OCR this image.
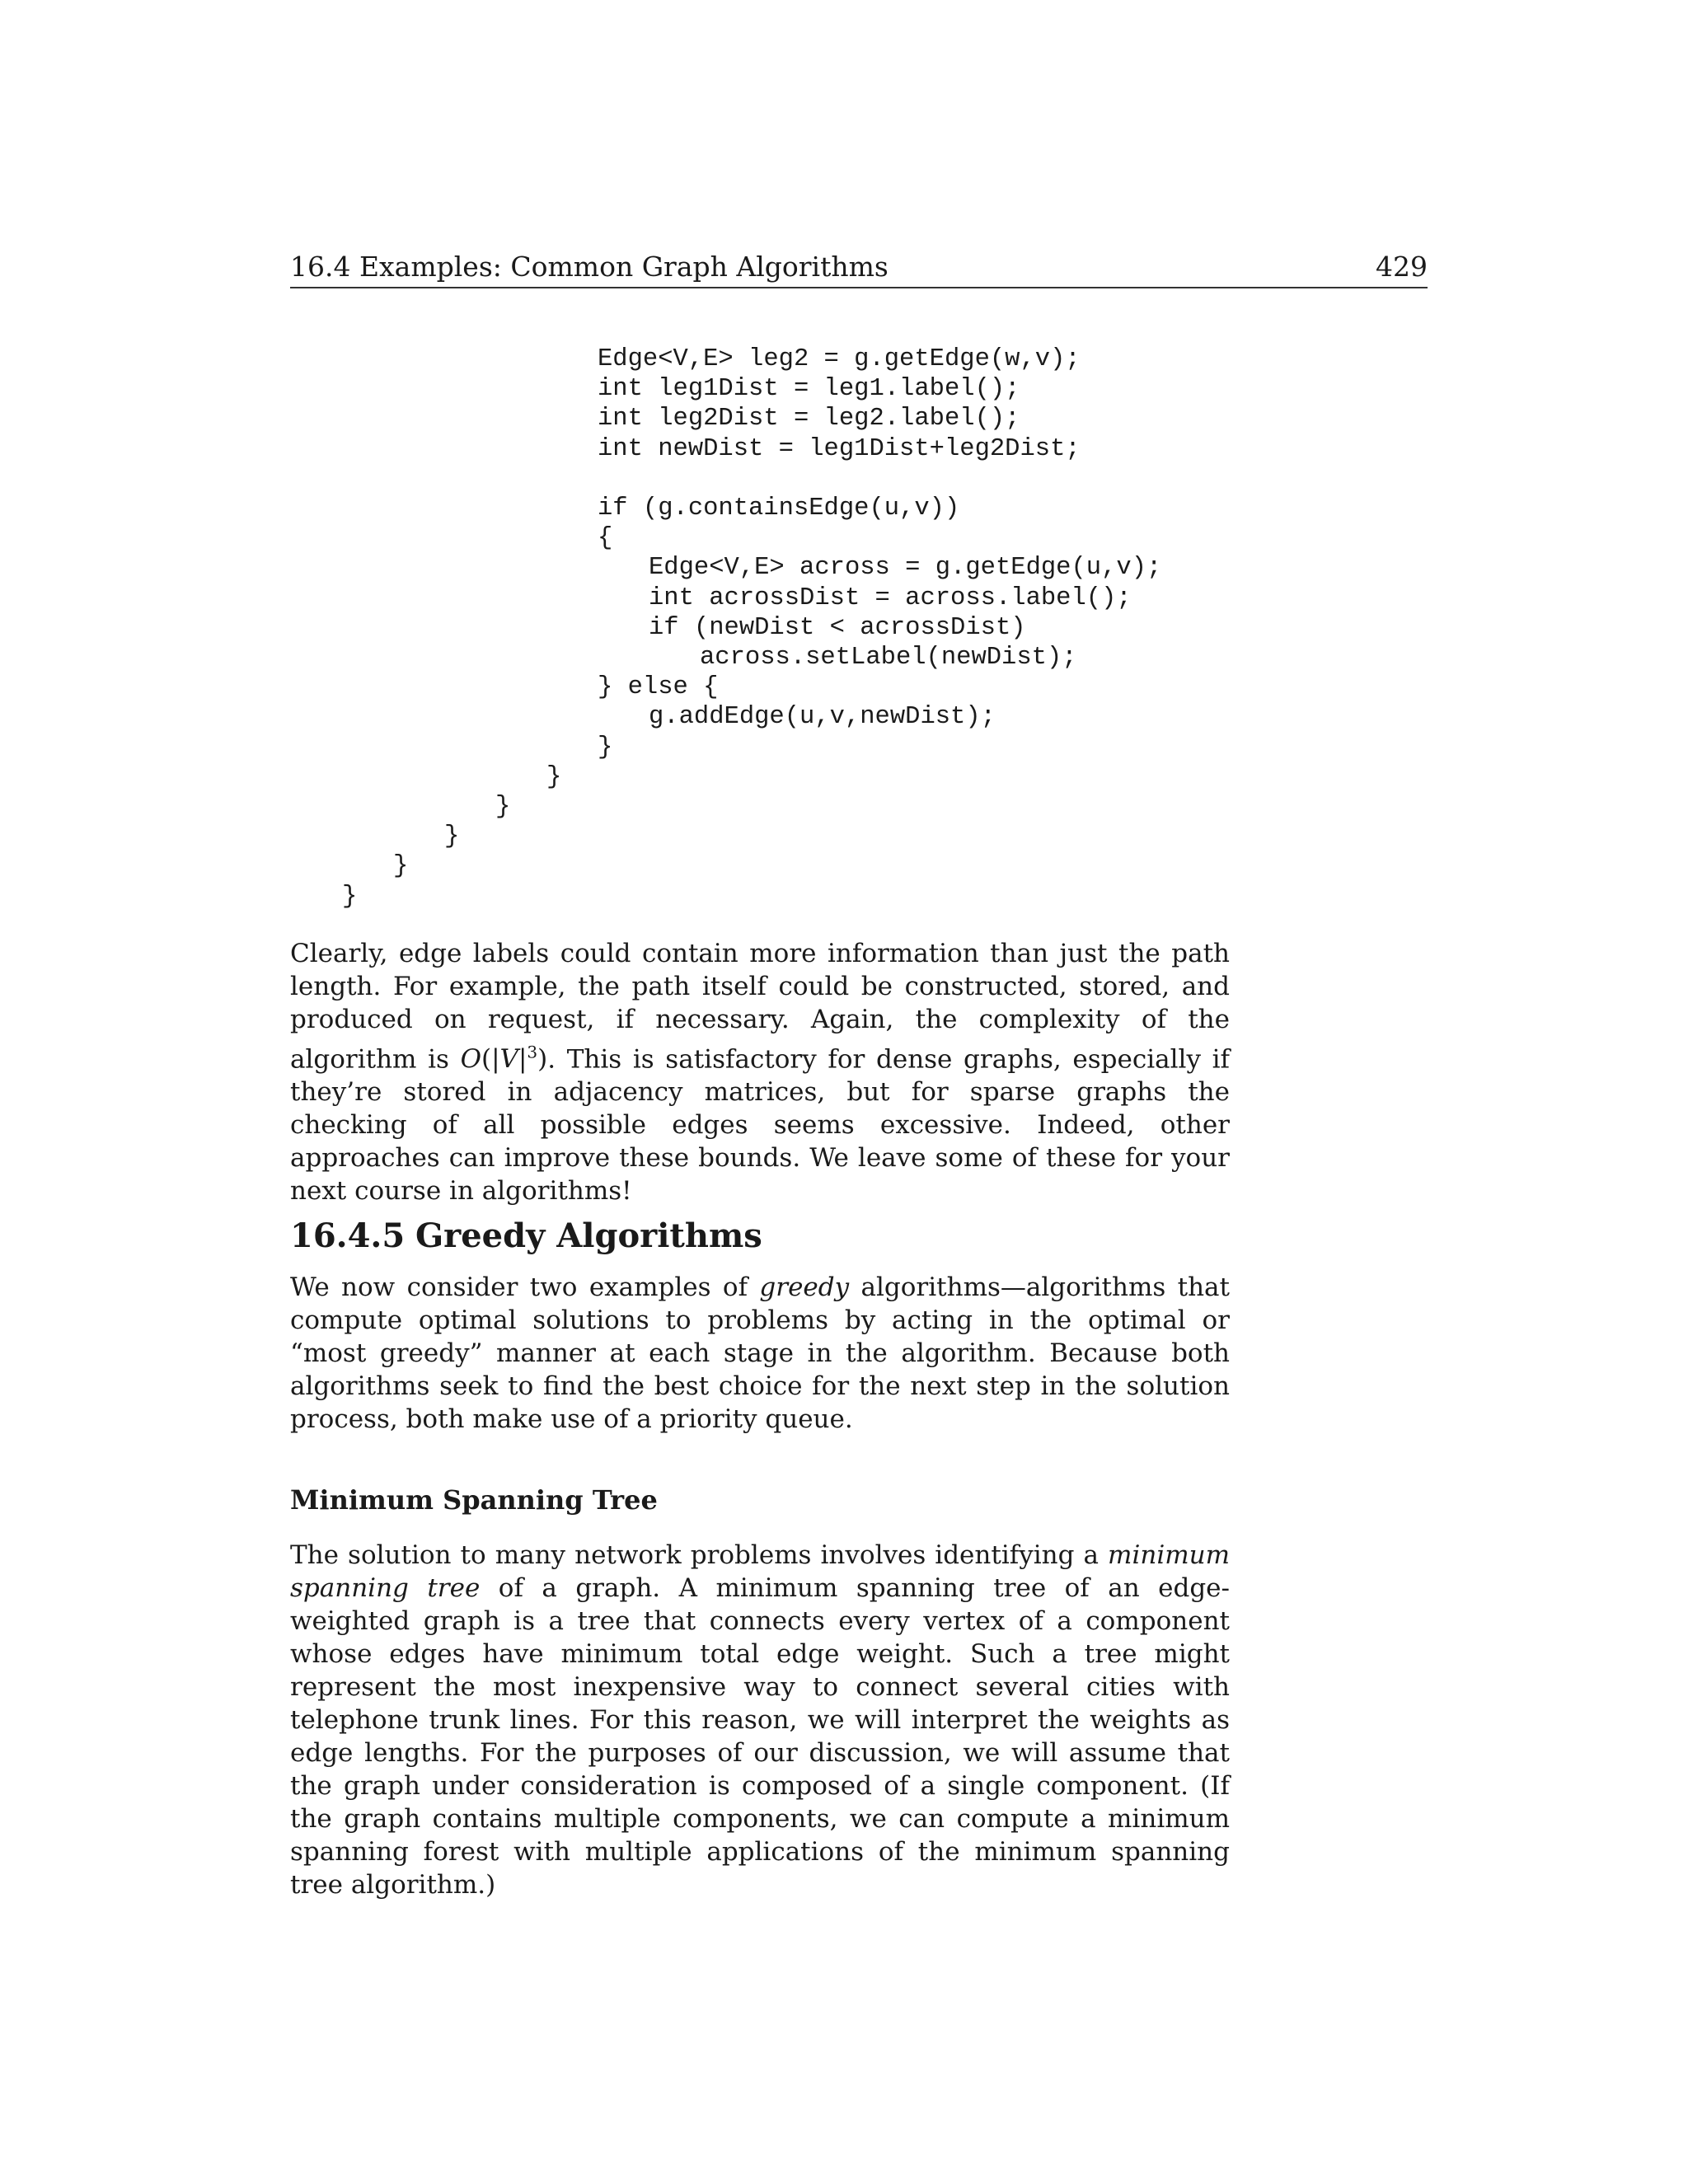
16.4 Examples: Common Graph Algorithms	429
Edge<V,E> leg2 = g.getEdge(w,v);
int leg1Dist = leg1.label();
int leg2Dist = leg2.label();
int newDist = leg1Dist+leg2Dist;
if (g.containsEdge(u,v))
{
Edge<V,E> across = g.getEdge(u,v);
int acrossDist = across.label();
if (newDist < acrossDist)
across.setLabel(newDist);
} else {
g.addEdge(u,v,newDist);
}
}
}
}
}
}
Clearly, edge labels could contain more information than just the path length. For example, the path itself could be constructed, stored, and produced on request, if necessary. Again, the complexity of the algorithm is $O(|V|^3)$. This is satisfactory for dense graphs, especially if they’re stored in adjacency matrices, but for sparse graphs the checking of all possible edges seems excessive. Indeed, other approaches can improve these bounds. We leave some of these for your next course in algorithms!
16.4.5 Greedy Algorithms
We now consider two examples of greedy algorithms—algorithms that compute optimal solutions to problems by acting in the optimal or “most greedy” manner at each stage in the algorithm. Because both algorithms seek to find the best choice for the next step in the solution process, both make use of a priority queue.
Minimum Spanning Tree
The solution to many network problems involves identifying a minimum spanning tree of a graph. A minimum spanning tree of an edge-weighted graph is a tree that connects every vertex of a component whose edges have minimum total edge weight. Such a tree might represent the most inexpensive way to connect several cities with telephone trunk lines. For this reason, we will interpret the weights as edge lengths. For the purposes of our discussion, we will assume that the graph under consideration is composed of a single component. (If the graph contains multiple components, we can compute a minimum spanning forest with multiple applications of the minimum spanning tree algorithm.)
